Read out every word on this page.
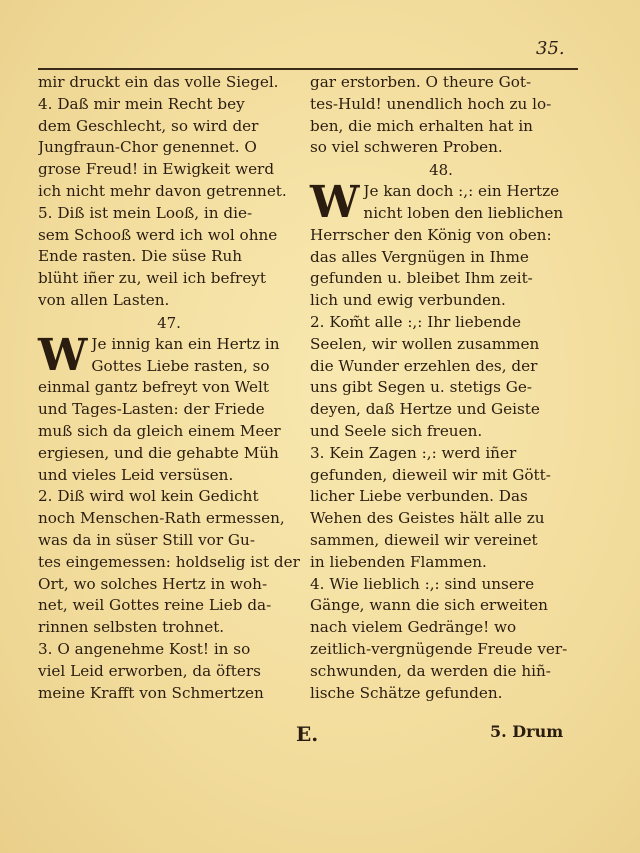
35.
mir druckt ein das volle Siegel.
4. Daß mir mein Recht bey
dem Geschlecht, so wird der
Jungfraun-Chor genennet. O
grose Freud! in Ewigkeit werd
ich nicht mehr davon getrennet.
5. Diß ist mein Looß, in die-
sem Schooß werd ich wol ohne
Ende rasten. Die süse Ruh
blüht iñer zu, weil ich befreyt
von allen Lasten.
47.
W Je innig kan ein Hertz in
Gottes Liebe rasten, so
einmal gantz befreyt von Welt
und Tages-Lasten: der Friede
muß sich da gleich einem Meer
ergiesen, und die gehabte Müh
und vieles Leid versüsen.
2. Diß wird wol kein Gedicht
noch Menschen-Rath ermessen,
was da in süser Still vor Gu-
tes eingemessen: holdselig ist der
Ort, wo solches Hertz in woh-
net, weil Gottes reine Lieb da-
rinnen selbsten trohnet.
3. O angenehme Kost! in so
viel Leid erworben, da öfters
meine Krafft von Schmertzen
gar erstorben. O theure Got-
tes-Huld! unendlich hoch zu lo-
ben, die mich erhalten hat in
so viel schweren Proben.
48.
W Je kan doch :,: ein Hertze
nicht loben den lieblichen
Herrscher den König von oben:
das alles Vergnügen in Ihme
gefunden u. bleibet Ihm zeit-
lich und ewig verbunden.
2. Kom̃t alle :,: Ihr liebende
Seelen, wir wollen zusammen
die Wunder erzehlen des, der
uns gibt Segen u. stetigs Ge-
deyen, daß Hertze und Geiste
und Seele sich freuen.
3. Kein Zagen :,: werd iñer
gefunden, dieweil wir mit Gött-
licher Liebe verbunden. Das
Wehen des Geistes hält alle zu
sammen, dieweil wir vereinet
in liebenden Flammen.
4. Wie lieblich :,: sind unsere
Gänge, wann die sich erweiten
nach vielem Gedränge! wo
zeitlich-vergnügende Freude ver-
schwunden, da werden die hiñ-
lische Schätze gefunden.
E.	5. Drum
